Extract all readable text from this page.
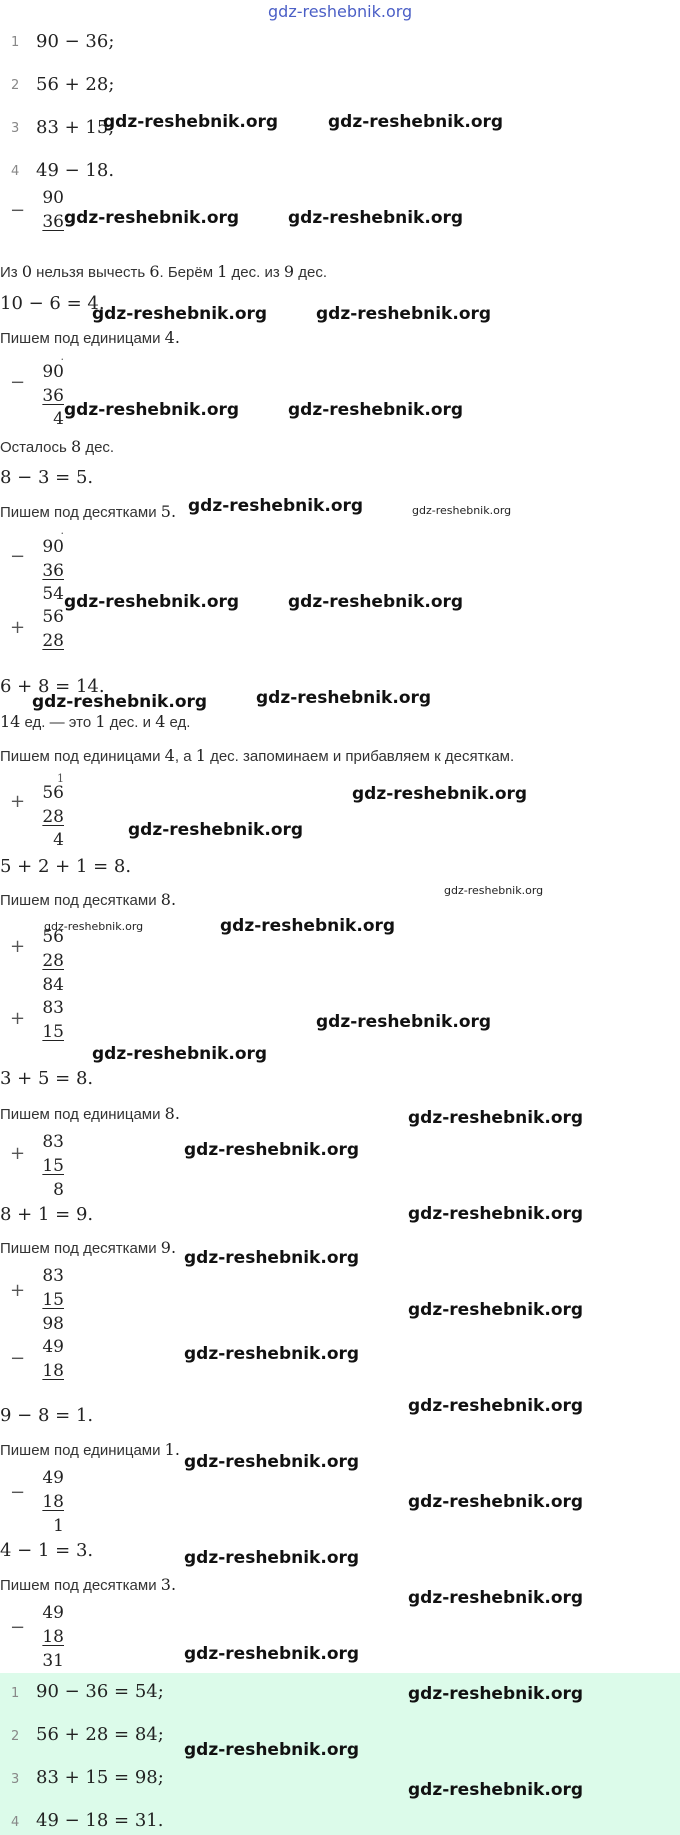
gdz-reshebnik.org
1 90 − 36;
2 56 + 28;
3 83 + 15;
4 49 − 18.
−
90
36
Из 0 нельзя вычесть 6. Берём 1 дес. из 9 дес.
10 − 6 = 4.
Пишем под единицами 4.
.
−	90
36
4
Осталось 8 дес.
8 − 3 = 5.
Пишем под десятками 5.
.
−	90
36
54
+	56
28
6 + 8 = 14.
14 ед. — это 1 дес. и 4 ед.
Пишем под единицами 4, а 1 дес. запоминаем и прибавляем к десяткам.
1
+	56
28
4
5 + 2 + 1 = 8.
Пишем под десятками 8.
+	56
28
84
+	83
15
3 + 5 = 8.
Пишем под единицами 8.
+
83
15
8
8 + 1 = 9.
Пишем под десятками 9.
+
83
15
98
−
49
18
9 − 8 = 1.
Пишем под единицами 1.
−
49
18
1
4 − 1 = 3.
Пишем под десятками 3.
−
49
18
31
1 90 − 36 = 54;
2 56 + 28 = 84;
3 83 + 15 = 98;
4 49 − 18 = 31.
gdz-reshebnik.org	gdz-reshebnik.org
gdz-reshebnik.org	gdz-reshebnik.org
gdz-reshebnik.org	gdz-reshebnik.org
gdz-reshebnik.org	gdz-reshebnik.org
gdz-reshebnik.org	gdz-reshebnik.org
gdz-reshebnik.org	gdz-reshebnik.org
gdz-reshebnik.org	gdz-reshebnik.org
gdz-reshebnik.org
gdz-reshebnik.org
gdz-reshebnik.org
gdz-reshebnik.org	gdz-reshebnik.org
gdz-reshebnik.org
gdz-reshebnik.org
gdz-reshebnik.org
gdz-reshebnik.org
gdz-reshebnik.org
gdz-reshebnik.org
gdz-reshebnik.org
gdz-reshebnik.org
gdz-reshebnik.org
gdz-reshebnik.org
gdz-reshebnik.org
gdz-reshebnik.org
gdz-reshebnik.org
gdz-reshebnik.org
gdz-reshebnik.org
gdz-reshebnik.org
gdz-reshebnik.org
